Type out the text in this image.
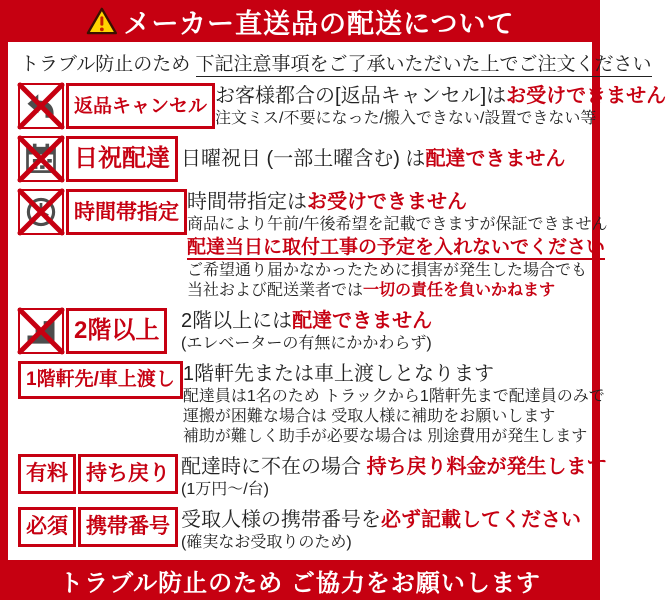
メーカー直送品の配送について
トラブル防止のため 下記注意事項をご了承いただいた上でご注文ください
返品キャンセル お客様都合の[返品キャンセル]はお受けできません
注文ミス/不要になった/搬入できない/設置できない等
日祝配達 日曜祝日 (一部土曜含む) は配達できません
時間帯指定 時間帯指定はお受けできません
商品により午前/午後希望を記載できますが保証できません
配達当日に取付工事の予定を入れないでください
ご希望通り届かなかったために損害が発生した場合でも
当社および配送業者では一切の責任を負いかねます
2階以上	2階以上には配達できません
(エレベーターの有無にかかわらず)
1階軒先/車上渡し 1階軒先または車上渡しとなります
配達員は1名のため トラックから1階軒先まで配達員のみで
運搬が困難な場合は 受取人様に補助をお願いします
補助が難しく助手が必要な場合は 別途費用が発生します
有料 持ち戻り 配達時に不在の場合 持ち戻り料金が発生します
(1万円～/台)
必須 携帯番号 受取人様の携帯番号を必ず記載してください
(確実なお受取りのため)
トラブル防止のため ご協力をお願いします
